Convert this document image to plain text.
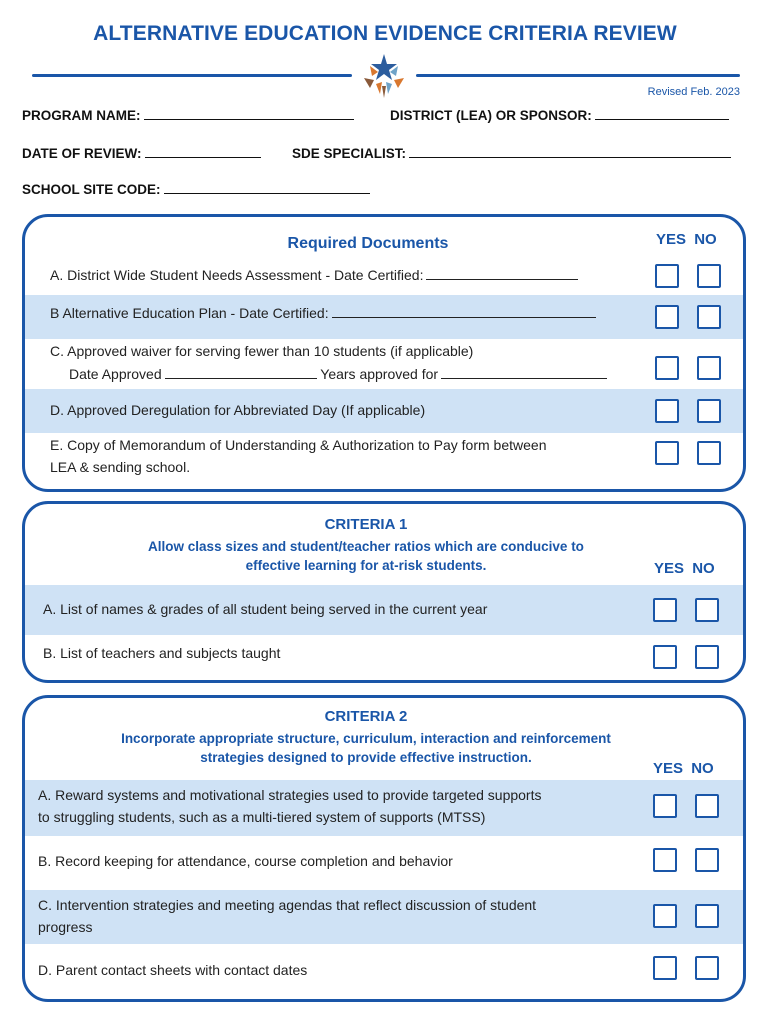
ALTERNATIVE EDUCATION EVIDENCE CRITERIA REVIEW
Revised Feb. 2023
PROGRAM NAME:	DISTRICT (LEA) OR SPONSOR:
DATE OF REVIEW:	SDE SPECIALIST:
SCHOOL SITE CODE:
Required Documents	YES NO
A. District Wide Student Needs Assessment - Date Certified:
B Alternative Education Plan - Date Certified:
C. Approved waiver for serving fewer than 10 students (if applicable)
Date Approved	Years approved for
D. Approved Deregulation for Abbreviated Day (If applicable)
E. Copy of Memorandum of Understanding & Authorization to Pay form between
LEA & sending school.
CRITERIA 1
Allow class sizes and student/teacher ratios which are conducive to
effective learning for at-risk students.	YES NO
A. List of names & grades of all student being served in the current year
B. List of teachers and subjects taught
CRITERIA 2
Incorporate appropriate structure, curriculum, interaction and reinforcement
strategies designed to provide effective instruction.
YES NO
A. Reward systems and motivational strategies used to provide targeted supports
to struggling students, such as a multi-tiered system of supports (MTSS)
B. Record keeping for attendance, course completion and behavior
C. Intervention strategies and meeting agendas that reflect discussion of student
progress
D. Parent contact sheets with contact dates
